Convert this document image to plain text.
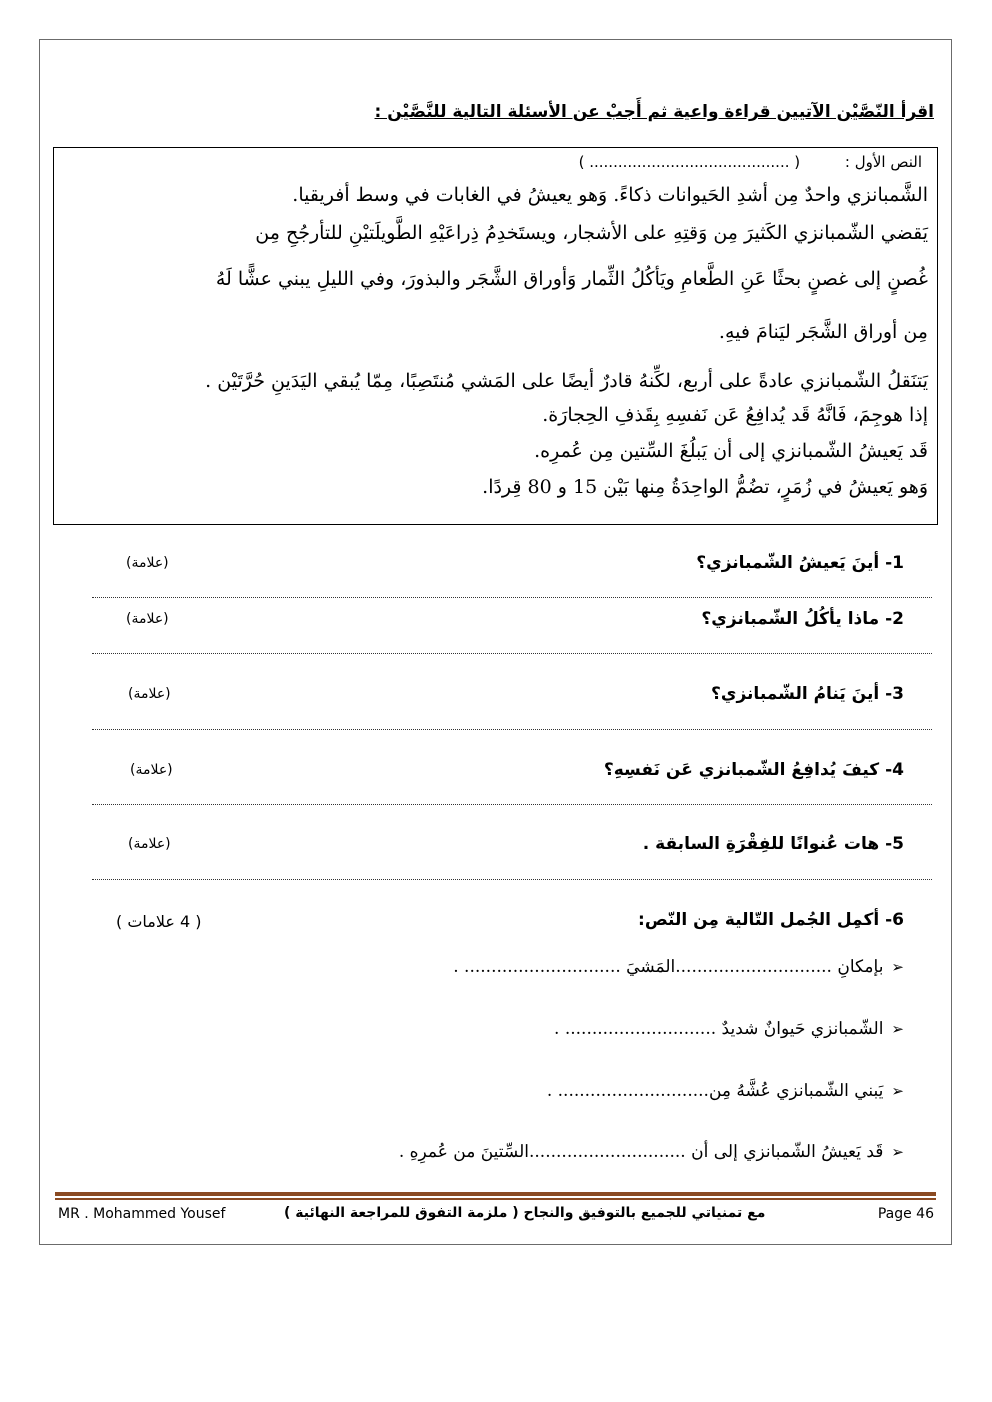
اقرأ النّصَّيْن الآتيين قراءة واعية ثم أَجبْ عن الأسئلة التالية للنَّصَّيْن :
النص الأول : ( .......................................... )
الشَّمبانزي واحدٌ مِن أشدِ الحَيوانات ذكاءً. وَهو يعيشُ في الغابات في وسط أفريقيا.
يَقضي الشّمبانزي الكَثيرَ مِن وَقتِهِ على الأشجار، ويستَخدِمُ ذِراعَيْهِ الطَّويلَتيْنِ للتأرجُحِ مِن
غُصنٍ إلى غصنٍ بحثًا عَنِ الطَّعامِ ويَأكُلُ الثِّمار وَأوراق الشَّجَر والبذورَ، وفي الليلِ يبني عشًّا لَهُ
مِن أوراق الشَّجَر ليَنامَ فيهِ.
يَتنَقلُ الشّمبانزي عادةً على أربع، لكِّنهُ قادرٌ أيضًا على المَشي مُنتَصِبًا، مِمّا يُبقي اليَدَينِ حُرَّتَيْن .
إذا هوجِمَ، فَانَّهُ قَد يُدافِعُ عَن نَفسِهِ بِقَذفِ الحِجارَة.
قَد يَعيشُ الشّمبانزي إلى أن يَبلُغَ السِّتين مِن عُمرِه.
وَهو يَعيشُ في زُمَرٍ، تضُمُّ الواحِدَةُ مِنها بَيْن 15 و 80 قِردًا.
1- أينَ يَعيشُ الشّمبانزي؟
(علامة)
2- ماذا يأكُلُ الشّمبانزي؟
(علامة)
3- أينَ يَنامُ الشّمبانزي؟
(علامة)
4- كيفَ يُدافِعُ الشّمبانزي عَن نَفسِهِ؟
(علامة)
5- هات عُنوانًا للفِقْرَةِ السابقة .
(علامة)
6- أكمِل الجُمل التّالية مِن النّص:
( 4 علامات )
➢بإمكانِ .............................المَشيَ ............................. .
➢الشّمبانزي حَيوانٌ شديدٌ ............................ .
➢يَبني الشّمبانزي عُشَّهُ مِن............................ .
➢قَد يَعيشُ الشّمبانزي إلى أن .............................السِّتينَ من عُمرِهِ .
MR . Mohammed Yousef	مع تمنياتي للجميع بالتوفيق والنجاح ( ملزمة التفوق للمراجعة النهائية )	Page 46
